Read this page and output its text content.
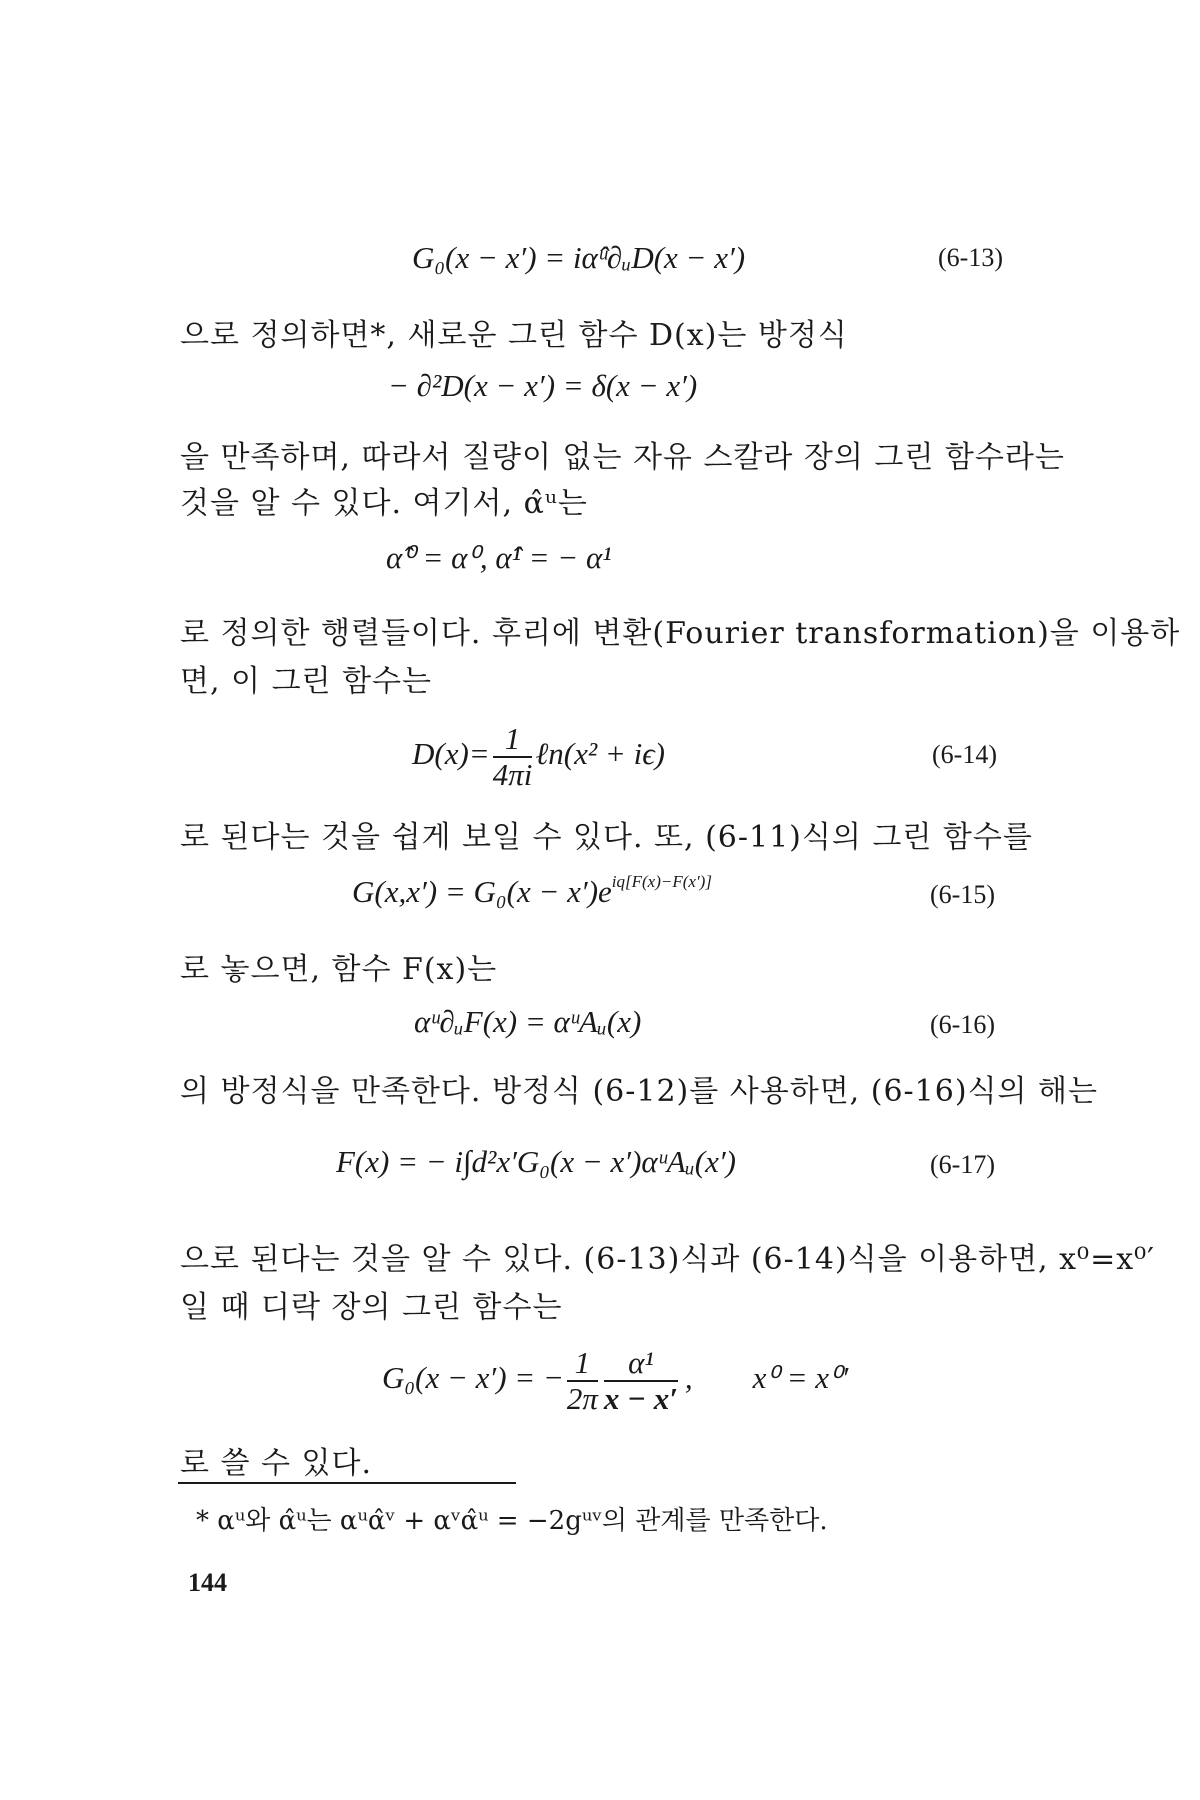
G₀(x − x′) = iα̂ᵘ∂ᵤD(x − x′)	(6-13)
으로 정의하면*, 새로운 그린 함수 D(x)는 방정식
− ∂²D(x − x′) = δ(x − x′)
을 만족하며, 따라서 질량이 없는 자유 스칼라 장의 그린 함수라는
것을 알 수 있다. 여기서, α̂ᵘ는
α̂⁰ = α⁰, α̂¹ = − α¹
로 정의한 행렬들이다. 후리에 변환(Fourier transformation)을 이용하
면, 이 그린 함수는
$D(x)= \frac{1}{4\pi i}$ ℓn(x² + iϵ)	(6-14)
로 된다는 것을 쉽게 보일 수 있다. 또, (6-11)식의 그린 함수를
$G(x,x') = G_0(x - x')e^{iq[F(x)-F(x')]}$	(6-15)
로 놓으면, 함수 F(x)는
αᵘ∂ᵤF(x) = αᵘAᵤ(x)	(6-16)
의 방정식을 만족한다. 방정식 (6-12)를 사용하면, (6-16)식의 해는
F(x) = − i∫d²x′G₀(x − x′)αᵘAᵤ(x′)	(6-17)
으로 된다는 것을 알 수 있다. (6-13)식과 (6-14)식을 이용하면, x⁰=x⁰′
일 때 디락 장의 그린 함수는
G₀(x − x′) = − $\frac{1}{2\pi} \frac{\text{α¹}}{x - x'}$ , x⁰ = x⁰′
로 쓸 수 있다.
* αᵘ와 α̂ᵘ는 αᵘα̂ᵛ + αᵛα̂ᵘ = −2gᵘᵛ의 관계를 만족한다.
144
